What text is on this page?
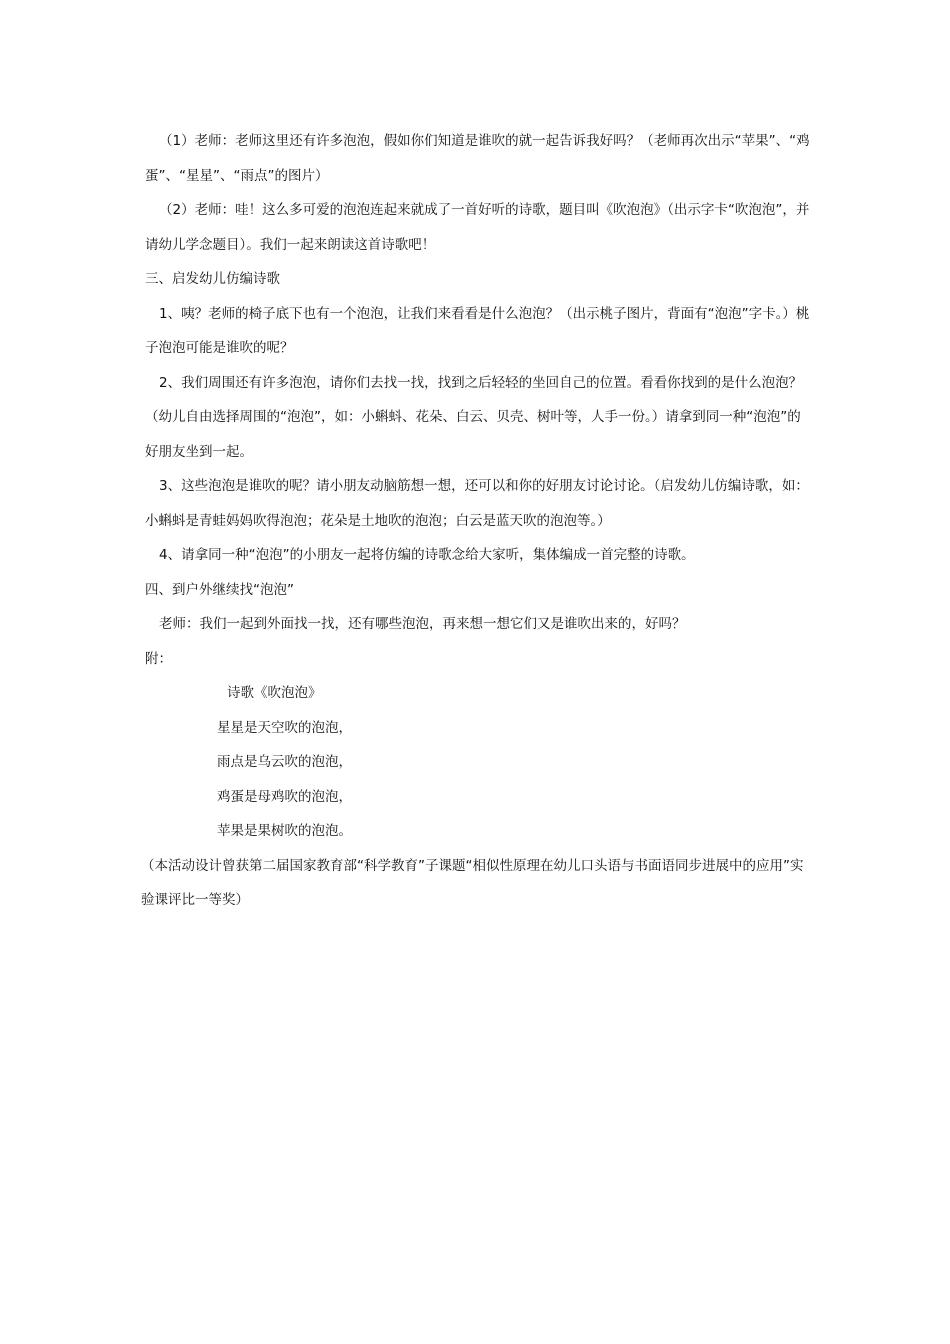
（1）老师：老师这里还有许多泡泡，假如你们知道是谁吹的就一起告诉我好吗？（老师再次出示“苹果”、“鸡蛋”、“星星”、“雨点”的图片）

（2）老师：哇！这么多可爱的泡泡连起来就成了一首好听的诗歌，题目叫《吹泡泡》（出示字卡“吹泡泡”，并请幼儿学念题目）。我们一起来朗读这首诗歌吧！

三、启发幼儿仿编诗歌

1、咦？老师的椅子底下也有一个泡泡，让我们来看看是什么泡泡？（出示桃子图片，背面有“泡泡”字卡。）桃子泡泡可能是谁吹的呢？

2、我们周围还有许多泡泡，请你们去找一找，找到之后轻轻的坐回自己的位置。看看你找到的是什么泡泡？（幼儿自由选择周围的“泡泡”，如：小蝌蚪、花朵、白云、贝壳、树叶等，人手一份。）请拿到同一种“泡泡”的好朋友坐到一起。

3、这些泡泡是谁吹的呢？请小朋友动脑筋想一想，还可以和你的好朋友讨论讨论。（启发幼儿仿编诗歌，如：小蝌蚪是青蛙妈妈吹得泡泡；花朵是土地吹的泡泡；白云是蓝天吹的泡泡等。）

4、请拿同一种“泡泡”的小朋友一起将仿编的诗歌念给大家听，集体编成一首完整的诗歌。

四、到户外继续找“泡泡”

老师：我们一起到外面找一找，还有哪些泡泡，再来想一想它们又是谁吹出来的，好吗？

附：

诗歌《吹泡泡》

星星是天空吹的泡泡，

雨点是乌云吹的泡泡，

鸡蛋是母鸡吹的泡泡，

苹果是果树吹的泡泡。

（本活动设计曾获第二届国家教育部“科学教育”子课题“相似性原理在幼儿口头语与书面语同步进展中的应用”实验课评比一等奖）
